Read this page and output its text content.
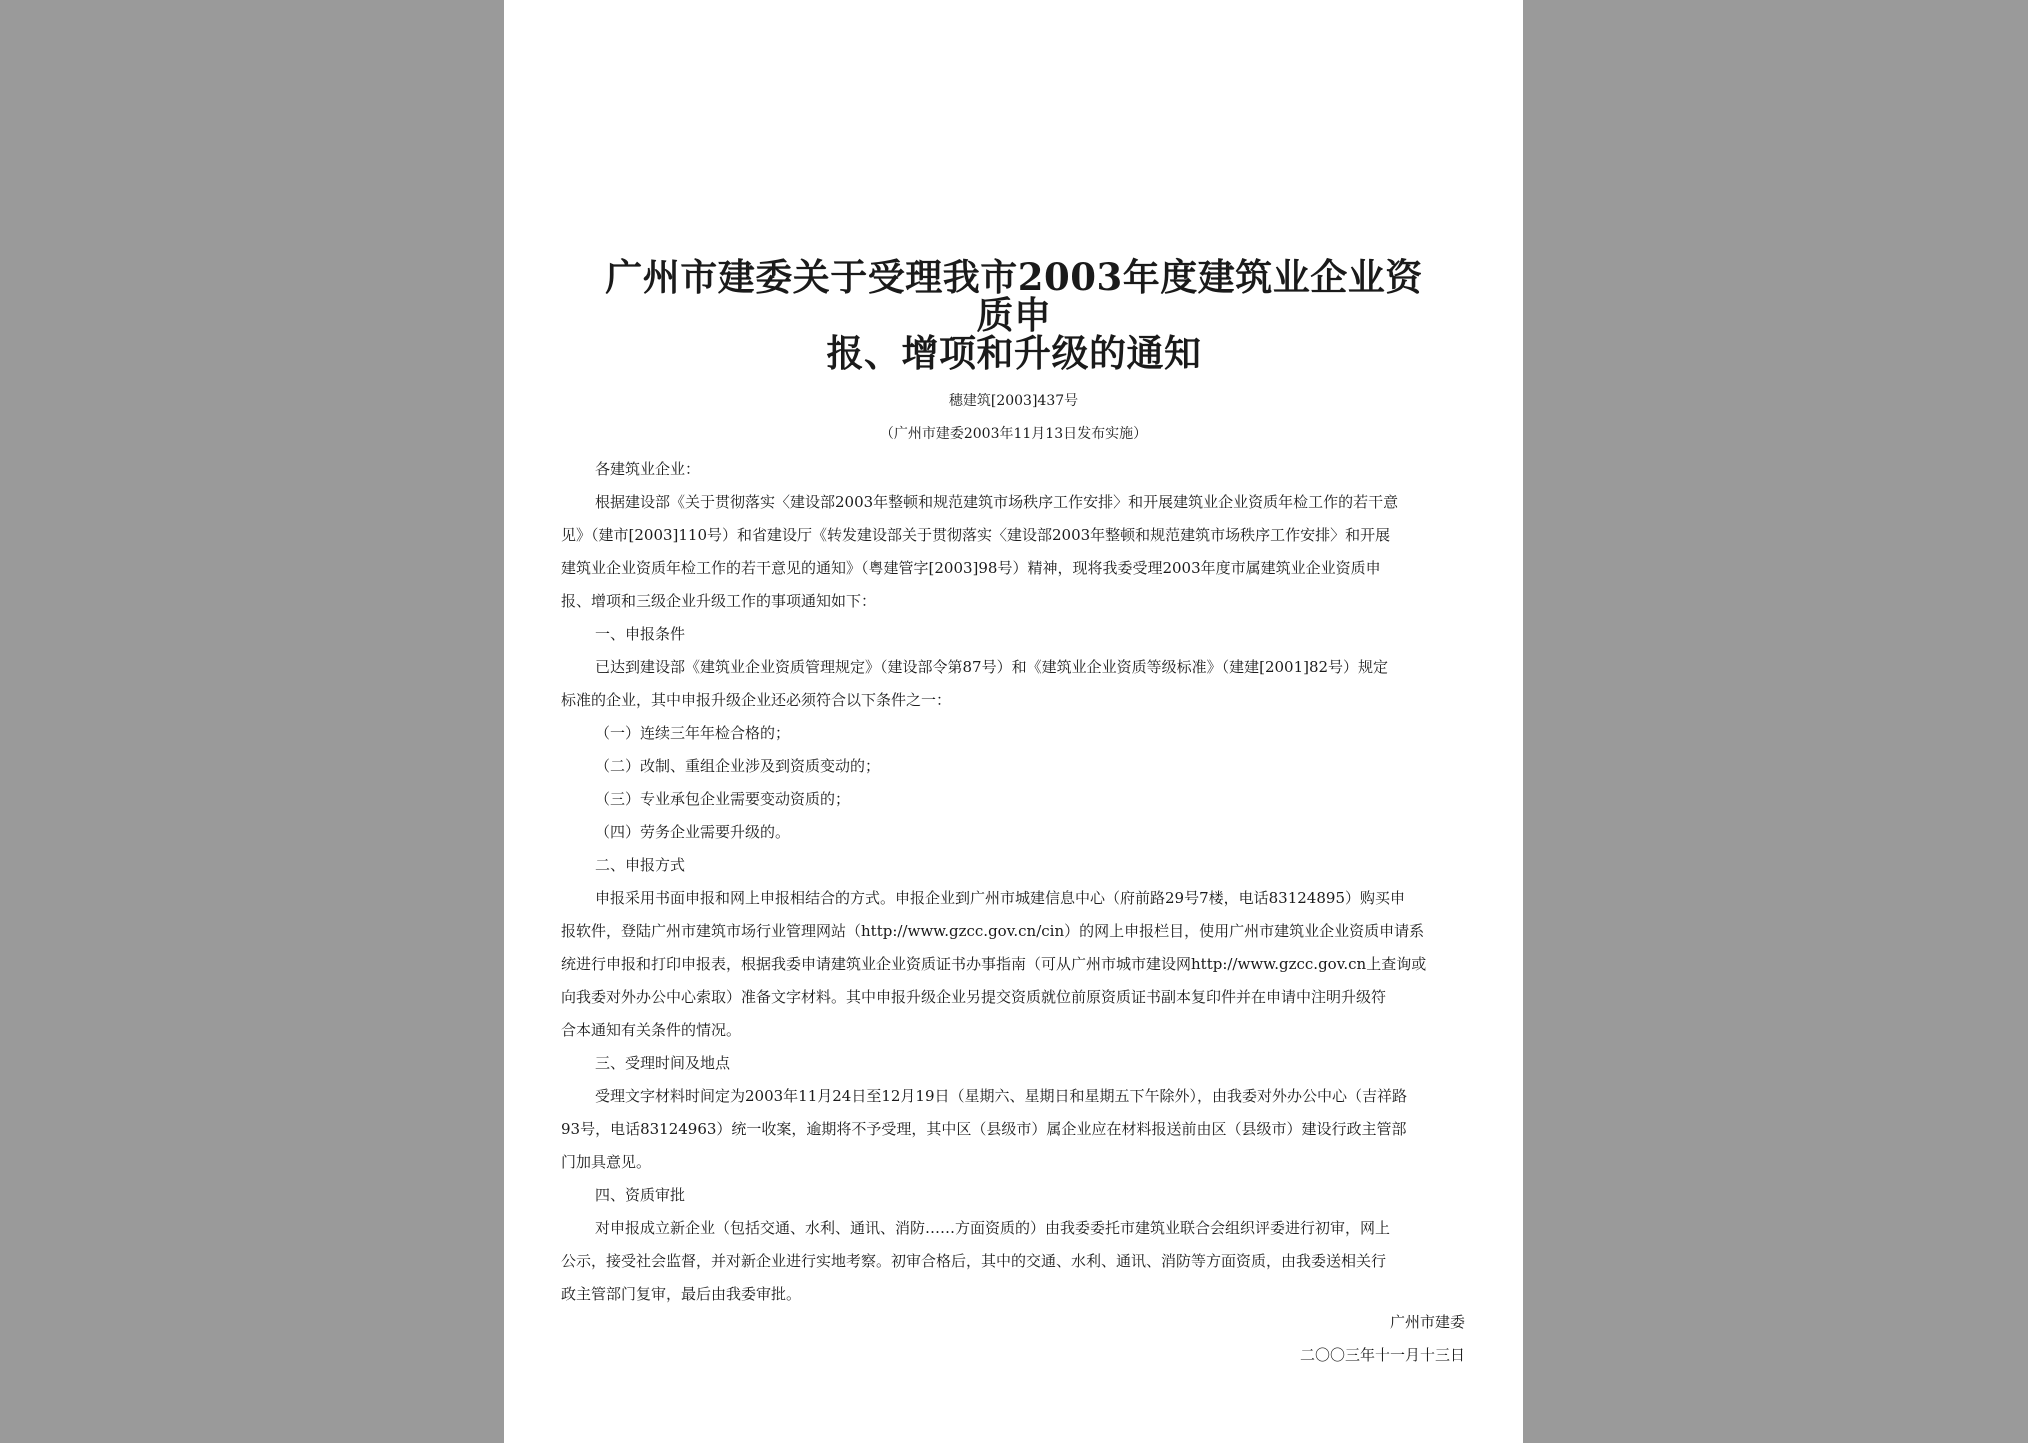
广州市建委关于受理我市2003年度建筑业企业资质申
报、增项和升级的通知
穗建筑[2003]437号
（广州市建委2003年11月13日发布实施）

各建筑业企业：

根据建设部《关于贯彻落实〈建设部2003年整顿和规范建筑市场秩序工作安排〉和开展建筑业企业资质年检工作的若干意

见》（建市[2003]110号）和省建设厅《转发建设部关于贯彻落实〈建设部2003年整顿和规范建筑市场秩序工作安排〉和开展

建筑业企业资质年检工作的若干意见的通知》（粤建管字[2003]98号）精神，现将我委受理2003年度市属建筑业企业资质申

报、增项和三级企业升级工作的事项通知如下：

一、申报条件

已达到建设部《建筑业企业资质管理规定》（建设部令第87号）和《建筑业企业资质等级标准》（建建[2001]82号）规定

标准的企业，其中申报升级企业还必须符合以下条件之一：

（一）连续三年年检合格的；

（二）改制、重组企业涉及到资质变动的；

（三）专业承包企业需要变动资质的；

（四）劳务企业需要升级的。

二、申报方式

申报采用书面申报和网上申报相结合的方式。申报企业到广州市城建信息中心（府前路29号7楼，电话83124895）购买申

报软件，登陆广州市建筑市场行业管理网站（http://www.gzcc.gov.cn/cin）的网上申报栏目，使用广州市建筑业企业资质申请系

统进行申报和打印申报表，根据我委申请建筑业企业资质证书办事指南（可从广州市城市建设网http://www.gzcc.gov.cn上查询或

向我委对外办公中心索取）准备文字材料。其中申报升级企业另提交资质就位前原资质证书副本复印件并在申请中注明升级符

合本通知有关条件的情况。

三、受理时间及地点

受理文字材料时间定为2003年11月24日至12月19日（星期六、星期日和星期五下午除外），由我委对外办公中心（吉祥路

93号，电话83124963）统一收案，逾期将不予受理，其中区（县级市）属企业应在材料报送前由区（县级市）建设行政主管部

门加具意见。

四、资质审批

对申报成立新企业（包括交通、水利、通讯、消防……方面资质的）由我委委托市建筑业联合会组织评委进行初审，网上

公示，接受社会监督，并对新企业进行实地考察。初审合格后，其中的交通、水利、通讯、消防等方面资质，由我委送相关行

政主管部门复审，最后由我委审批。

广州市建委
二〇〇三年十一月十三日
